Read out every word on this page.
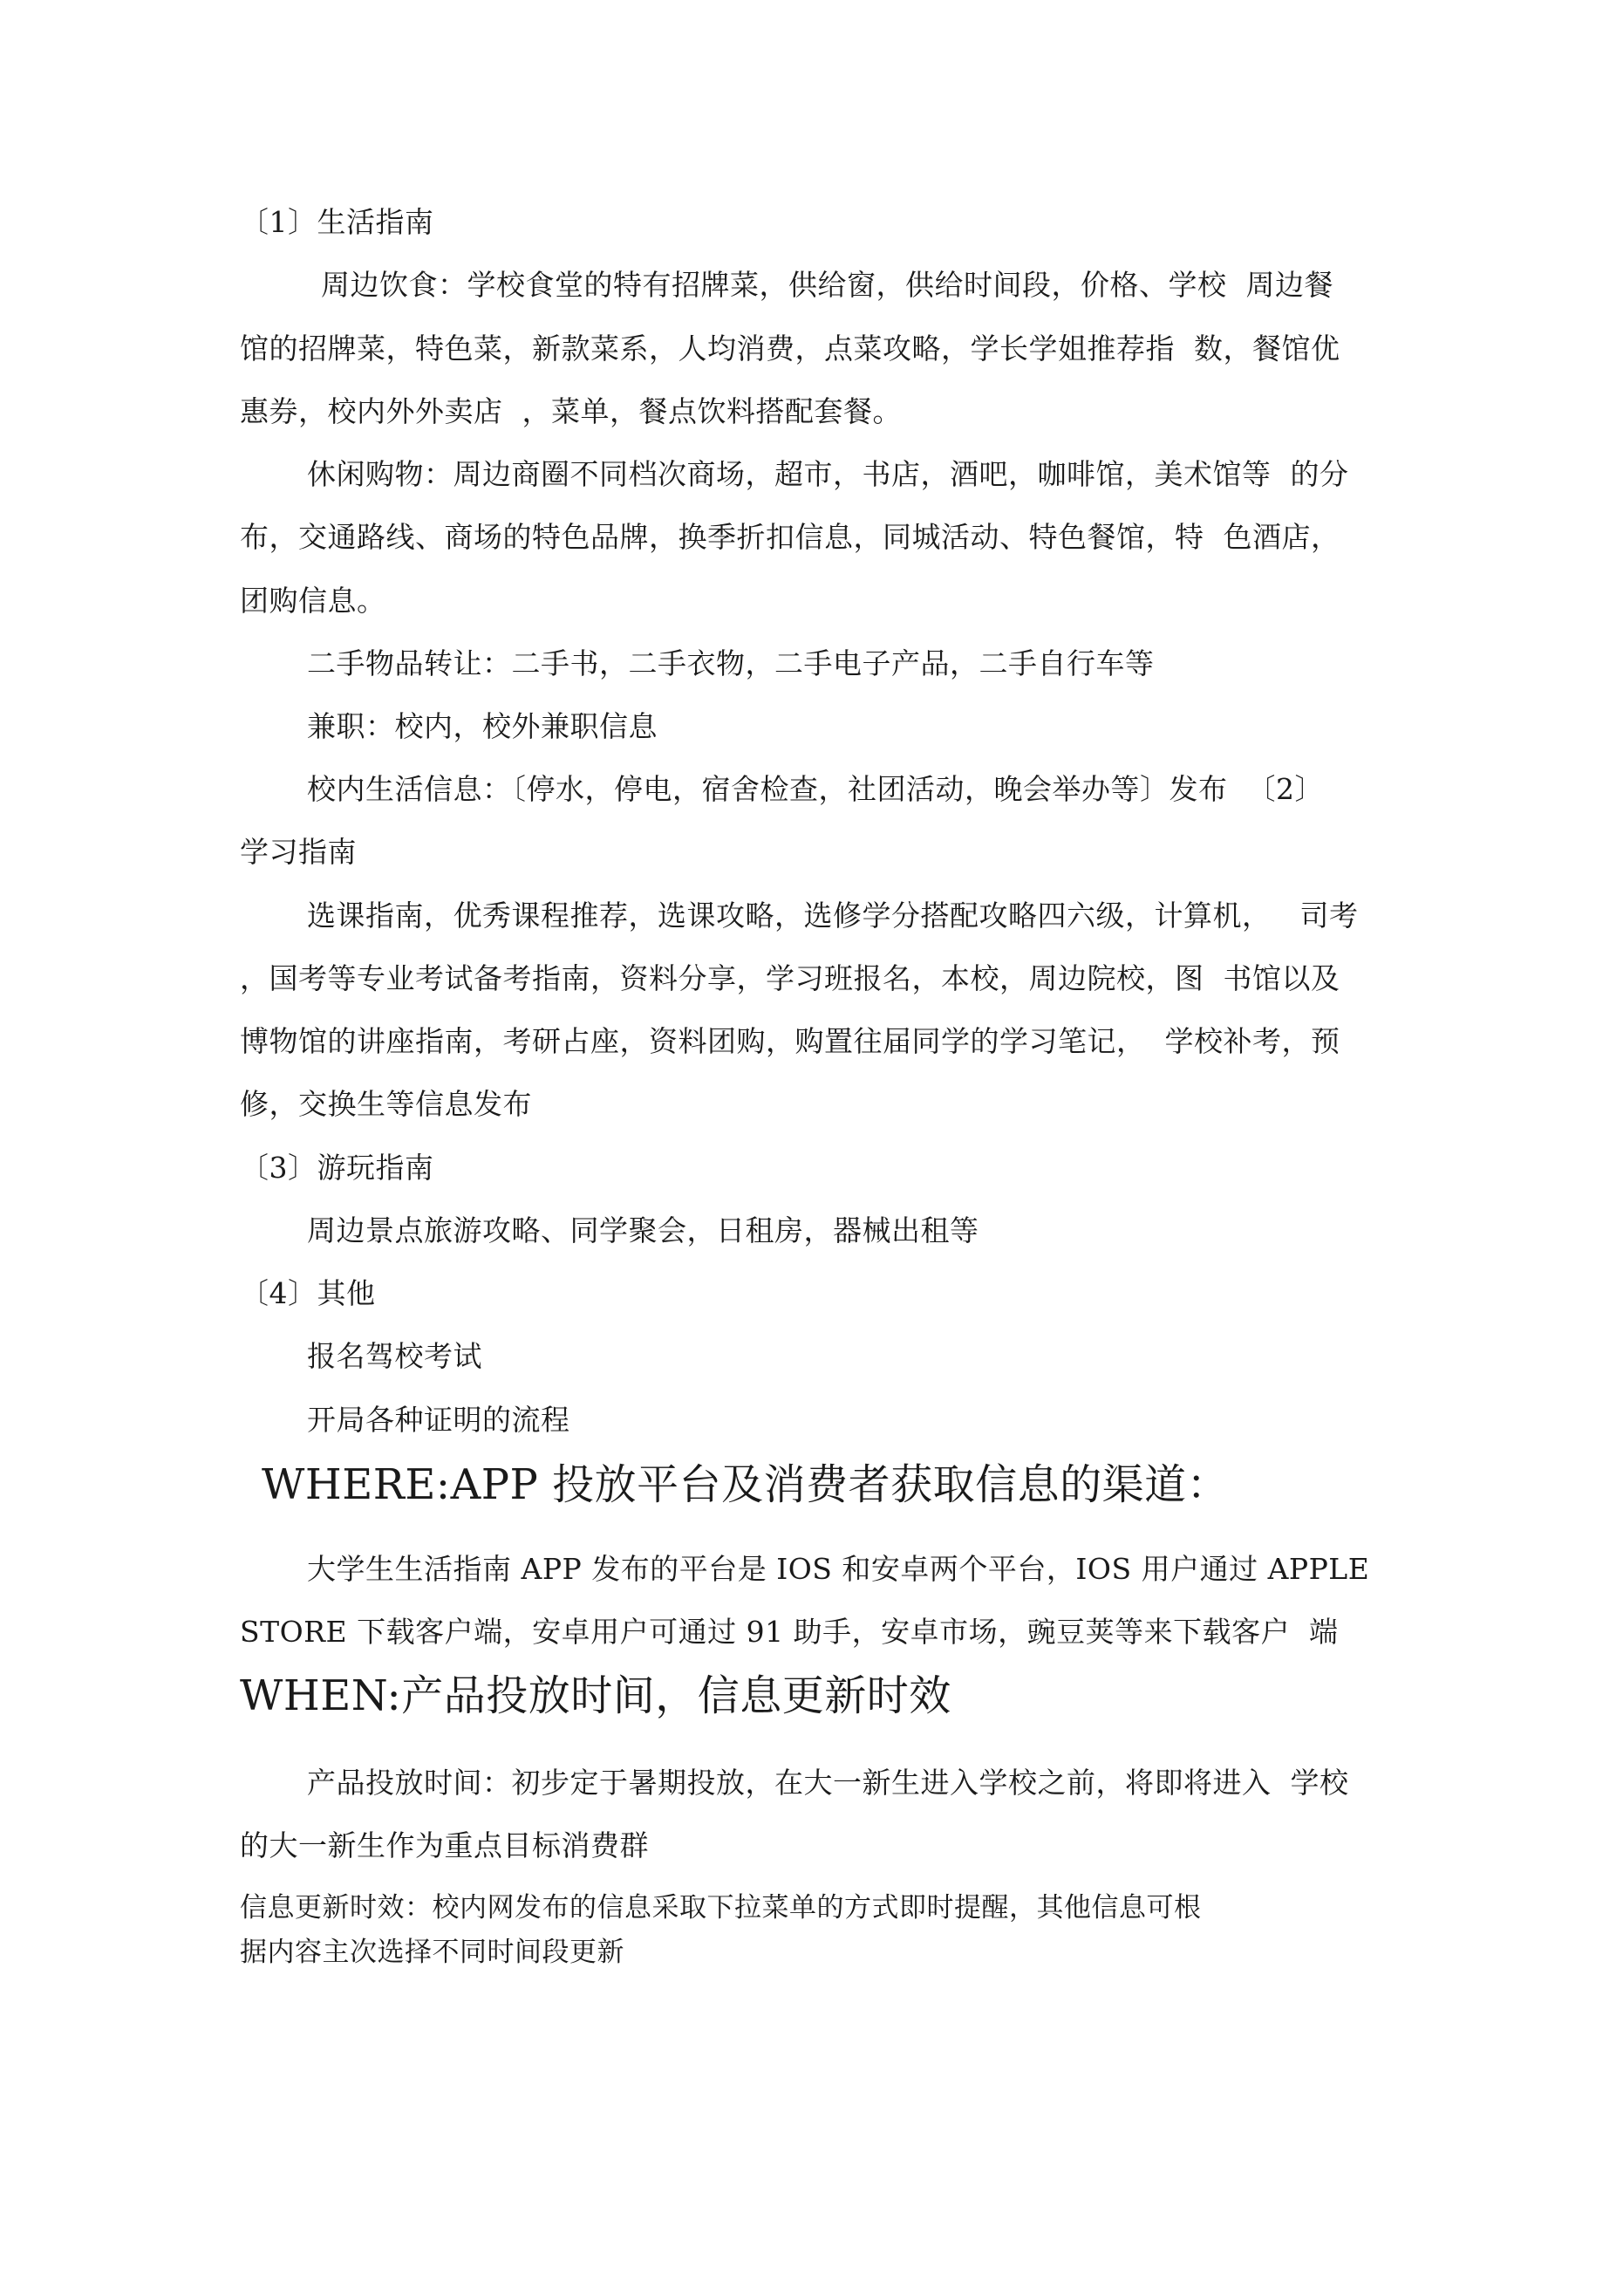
〔1〕生活指南
周边饮食：学校食堂的特有招牌菜，供给窗，供给时间段，价格、学校  周边餐
馆的招牌菜，特色菜，新款菜系，人均消费，点菜攻略，学长学姐推荐指  数，餐馆优
惠券，校内外外卖店  ，菜单，餐点饮料搭配套餐。
休闲购物：周边商圈不同档次商场，超市，书店，酒吧，咖啡馆，美术馆等  的分
布，交通路线、商场的特色品牌，换季折扣信息，同城活动、特色餐馆，特  色酒店，
团购信息。
二手物品转让：二手书，二手衣物，二手电子产品，二手自行车等
兼职：校内，校外兼职信息
校内生活信息：〔停水，停电，宿舍检查，社团活动，晚会举办等〕发布  〔2〕
学习指南
选课指南，优秀课程推荐，选课攻略，选修学分搭配攻略四六级，计算机，   司考
，国考等专业考试备考指南，资料分享，学习班报名，本校，周边院校，图  书馆以及
博物馆的讲座指南，考研占座，资料团购，购置往届同学的学习笔记，  学校补考，预
修，交换生等信息发布
〔3〕游玩指南
周边景点旅游攻略、同学聚会，日租房，器械出租等
〔4〕其他
报名驾校考试
开局各种证明的流程
WHERE:APP 投放平台及消费者获取信息的渠道：
大学生生活指南 APP 发布的平台是 IOS 和安卓两个平台，IOS 用户通过 APPLE
STORE 下载客户端，安卓用户可通过 91 助手，安卓市场，豌豆荚等来下载客户  端
WHEN:产品投放时间，信息更新时效
产品投放时间：初步定于暑期投放，在大一新生进入学校之前，将即将进入  学校
的大一新生作为重点目标消费群
信息更新时效：校内网发布的信息采取下拉菜单的方式即时提醒，其他信息可根
据内容主次选择不同时间段更新
